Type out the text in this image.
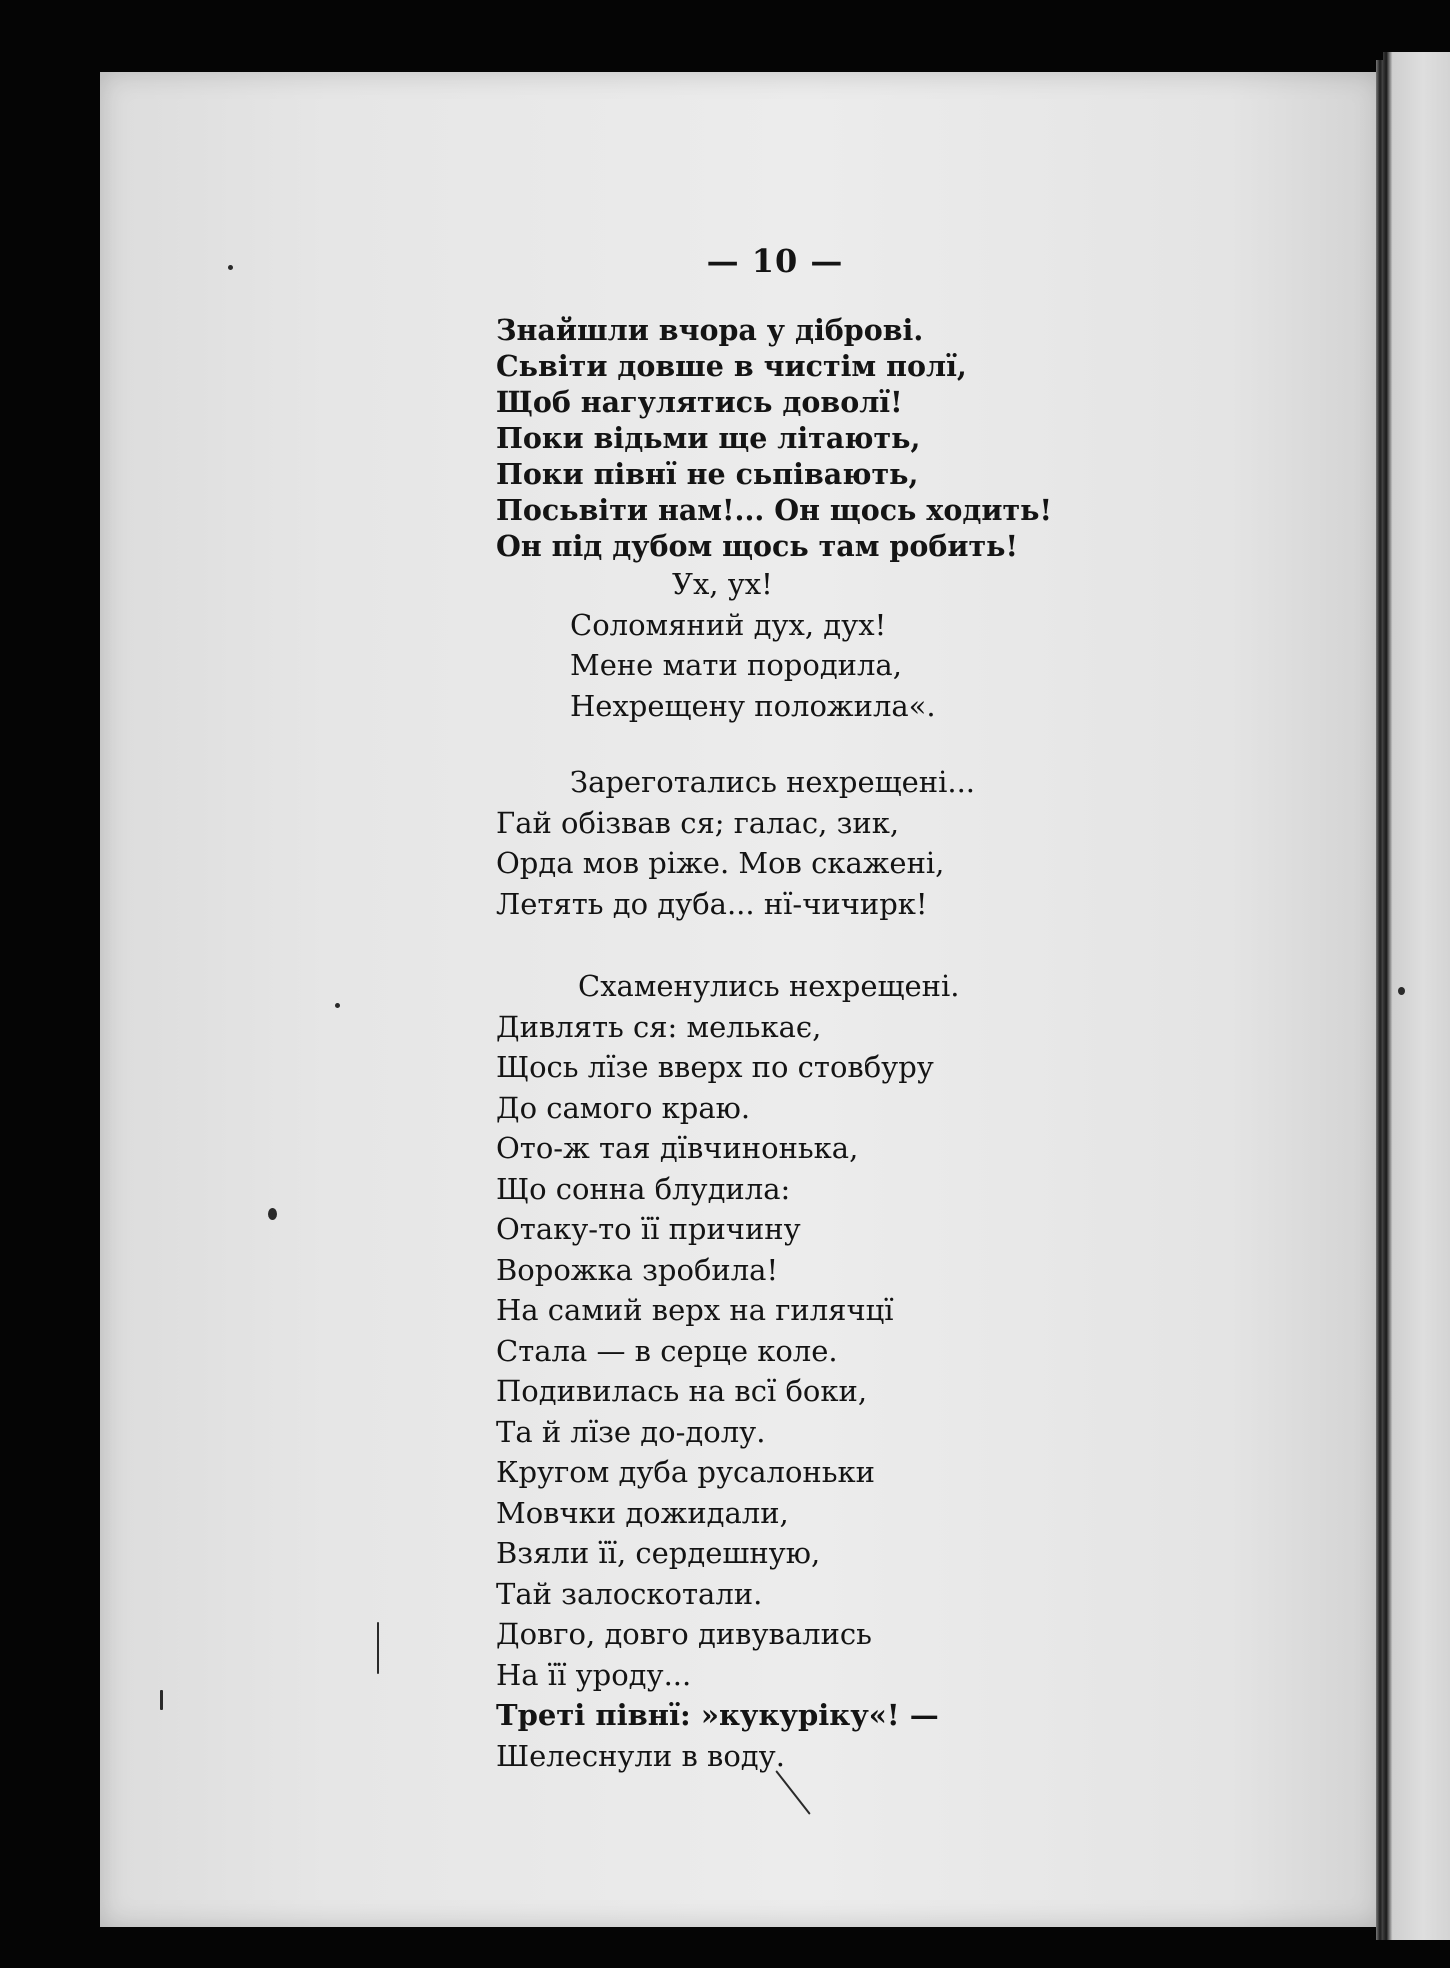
— 10 —
Знайшли вчора у діброві.
Сьвіти довше в чистім полї,
Щоб нагулятись доволї!
Поки відьми ще літають,
Поки півнї не сьпівають,
Посьвіти нам!... Он щось ходить!
Он під дубом щось там робить!
Ух, ух!
Соломяний дух, дух!
Мене мати породила,
Нехрещену положила«.
Зареготались нехрещені...
Гай обізвав ся; галас, зик,
Орда мов ріже. Мов скажені,
Летять до дуба... нї-чичирк!
Схаменулись нехрещені.
Дивлять ся: мелькає,
Щось лїзе вверх по стовбуру
До самого краю.
Ото-ж тая дївчинонька,
Що сонна блудила:
Отаку-то її причину
Ворожка зробила!
На самий верх на гилячцї
Стала — в серце коле.
Подивилась на всї боки,
Та й лїзе до-долу.
Кругом дуба русалоньки
Мовчки дожидали,
Взяли її, сердешную,
Тай залоскотали.
Довго, довго дивувались
На її уроду...
Треті півнї: »кукуріку«! —
Шелеснули в воду.
